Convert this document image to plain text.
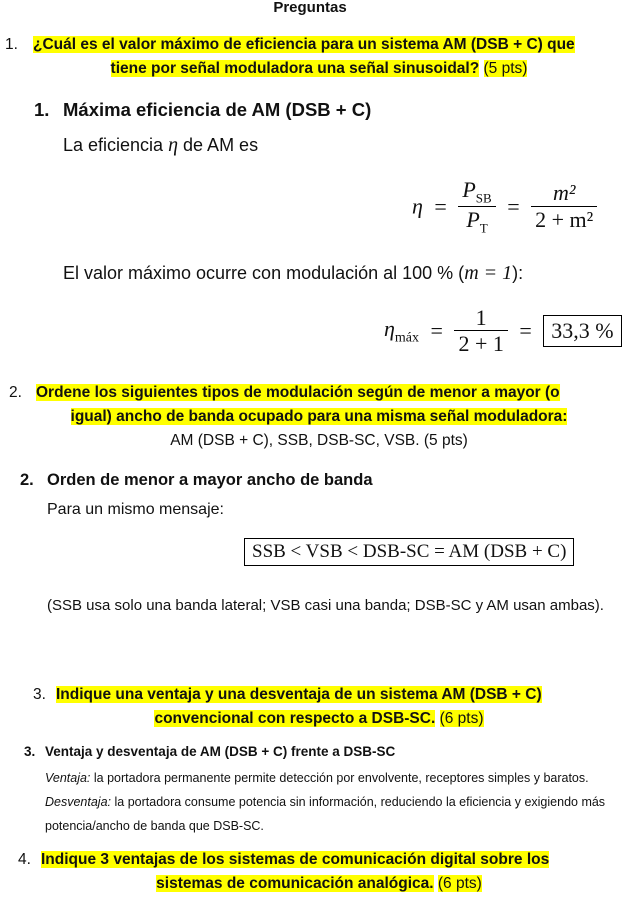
Preguntas
1. ¿Cuál es el valor máximo de eficiencia para un sistema AM (DSB + C) que
tiene por señal moduladora una señal sinusoidal? (5 pts)
1. Máxima eficiencia de AM (DSB + C)
La eficiencia η de AM es
$\eta = \frac{P_{SB}}{P_T} = \frac{\text{m²}}{\text{2 + m²}}$
El valor máximo ocurre con modulación al 100 % (m = 1):
$\eta_{máx} = \frac{1}{2 + 1} = 33,3$ %
2. Ordene los siguientes tipos de modulación según de menor a mayor (o
igual) ancho de banda ocupado para una misma señal moduladora:
AM (DSB + C), SSB, DSB-SC, VSB. (5 pts)
2. Orden de menor a mayor ancho de banda
Para un mismo mensaje:
SSB < VSB < DSB-SC = AM (DSB + C)
(SSB usa solo una banda lateral; VSB casi una banda; DSB-SC y AM usan ambas).
3. Indique una ventaja y una desventaja de un sistema AM (DSB + C)
convencional con respecto a DSB-SC. (6 pts)
3. Ventaja y desventaja de AM (DSB + C) frente a DSB-SC
Ventaja: la portadora permanente permite detección por envolvente, receptores simples y baratos.
Desventaja: la portadora consume potencia sin información, reduciendo la eficiencia y exigiendo más
potencia/ancho de banda que DSB-SC.
4. Indique 3 ventajas de los sistemas de comunicación digital sobre los
sistemas de comunicación analógica. (6 pts)
